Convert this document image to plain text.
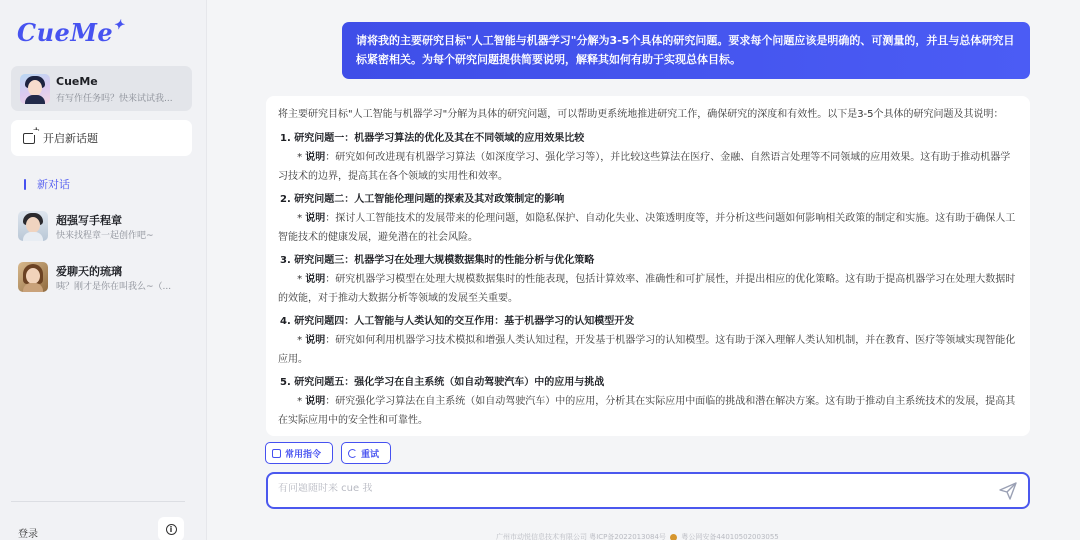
CueMe✦
CueMe
有写作任务吗？快来试试我...
+
开启新话题
新对话
超强写手程章
快来找程章一起创作吧~
爱聊天的琉璃
咦？刚才是你在叫我么~（...
登录	i
请将我的主要研究目标"人工智能与机器学习"分解为3-5个具体的研究问题。要求每个问题应该是明确的、可测量的，并且与总体研究目标紧密相关。为每个研究问题提供简要说明，解释其如何有助于实现总体目标。
将主要研究目标"人工智能与机器学习"分解为具体的研究问题，可以帮助更系统地推进研究工作，确保研究的深度和有效性。以下是3-5个具体的研究问题及其说明：
1. 研究问题一：机器学习算法的优化及其在不同领域的应用效果比较
* 说明：研究如何改进现有机器学习算法（如深度学习、强化学习等），并比较这些算法在医疗、金融、自然语言处理等不同领域的应用效果。这有助于推动机器学习技术的边界，提高其在各个领域的实用性和效率。
2. 研究问题二：人工智能伦理问题的探索及其对政策制定的影响
* 说明：探讨人工智能技术的发展带来的伦理问题，如隐私保护、自动化失业、决策透明度等，并分析这些问题如何影响相关政策的制定和实施。这有助于确保人工智能技术的健康发展，避免潜在的社会风险。
3. 研究问题三：机器学习在处理大规模数据集时的性能分析与优化策略
* 说明：研究机器学习模型在处理大规模数据集时的性能表现，包括计算效率、准确性和可扩展性，并提出相应的优化策略。这有助于提高机器学习在处理大数据时的效能，对于推动大数据分析等领域的发展至关重要。
4. 研究问题四：人工智能与人类认知的交互作用：基于机器学习的认知模型开发
* 说明：研究如何利用机器学习技术模拟和增强人类认知过程，开发基于机器学习的认知模型。这有助于深入理解人类认知机制，并在教育、医疗等领域实现智能化应用。
5. 研究问题五：强化学习在自主系统（如自动驾驶汽车）中的应用与挑战
* 说明：研究强化学习算法在自主系统（如自动驾驶汽车）中的应用，分析其在实际应用中面临的挑战和潜在解决方案。这有助于推动自主系统技术的发展，提高其在实际应用中的安全性和可靠性。
常用指令	重试
有问题随时来 cue 我
广州市动悦信息技术有限公司 粤ICP备2022013084号 粤公网安备44010502003055
